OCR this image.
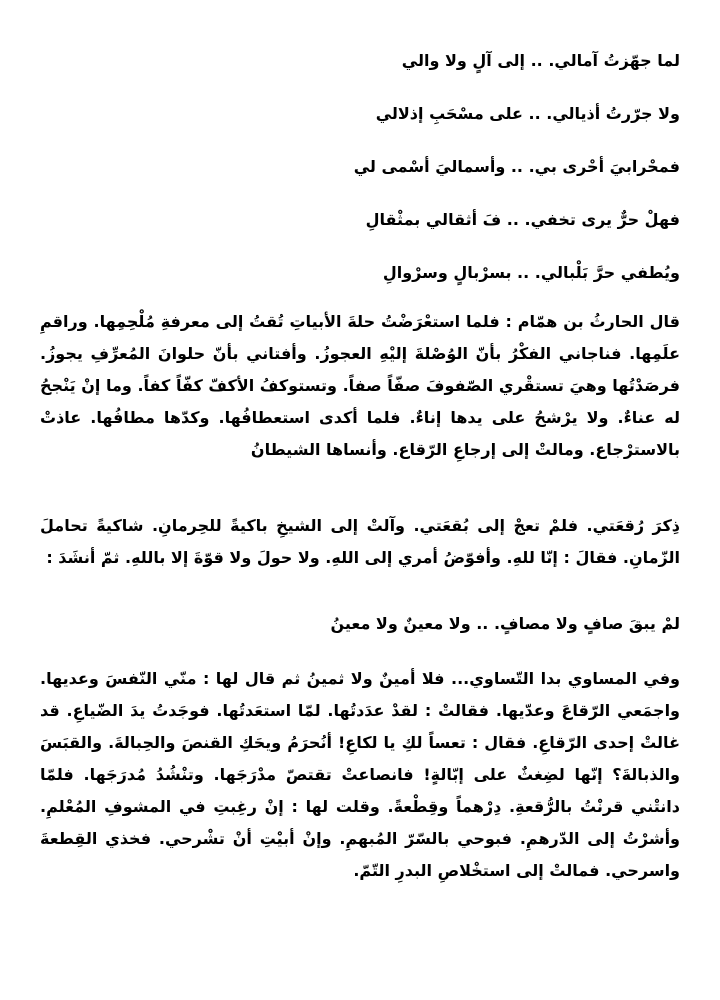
لما جهّزتُ آمالي. .. إلى آلٍ ولا والي

ولا جرّرتُ أذيالي. .. على مسْحَبِ إذلالي

فمحْرابيَ أحْرى بي. .. وأسماليَ أسْمى لي

فهلْ حرٌّ يرى تخفي. .. فَ أثقالي بمثْقالِ

ويُطفي حرَّ بَلْبالي. .. بسرْبالٍ وسرْوالِ

قال الحارثُ بن همّام : فلما استعْرَضْتُ حلةَ الأبياتِ تُقتُ إلى معرفةِ مُلْحِمِها. وراقمِ علَمِها. فناجاني الفكْرُ بأنّ الوُصْلةَ إليْهِ العجوزُ. وأفتاني بأنّ حلوانَ المُعرِّفِ يجوزُ. فرصَدْتُها وهيَ تستقْري الصّفوفَ صفّاً صفاً. وتستوكفُ الأكفّ كفّاً كفاً. وما إنْ يَنْجحُ له عناءٌ. ولا يرْشحُ على يدها إناءٌ. فلما أكدى استعطافُها. وكدّها مطافُها. عاذتْ بالاسترْجاع. ومالتْ إلى إرجاعِ الرّقاع. وأنساها الشيطانُ

ذِكرَ رُقعَتي. فلمْ تعجْ إلى بُقعَتي. وآلتْ إلى الشيخِ باكيةً للحِرمانِ. شاكيةً تحاملَ الزّمانِ. فقالَ : إنّا للهِ. وأفوّضُ أمري إلى اللهِ. ولا حولَ ولا قوّةَ إلا باللهِ. ثمّ أنشَدَ :

لمْ يبقَ صافٍ ولا مصافٍ. .. ولا معينٌ ولا معينُ

وفي المساوي بدا التّساوي... فلا أمينٌ ولا ثمينُ ثم قال لها : منّي النّفسَ وعديها. واجمَعي الرّقاعَ وعدّيها. فقالتْ : لقدْ عدَدتُها. لمّا استعَدتُها. فوجَدتُ يدَ الضّياعِ. قد غالتْ إحدى الرّقاعِ. فقال : تعساً لكِ يا لكاعِ! أنُحرَمُ ويحَكِ القنصَ والحِبالةَ. والقبَسَ والذبالةَ؟ إنّها لضِغثٌ على إبّالةٍ! فانصاعتْ تقتصّ مدْرَجَها. وتنْشُدُ مُدرَجَها. فلمّا دانتْني قرنْتُ بالرُّقعةِ. دِرْهماً وقِطْعةً. وقلت لها : إنْ رغِبتِ في المشوفِ المُعْلمِ. وأشرْتُ إلى الدّرهمِ. فبوحي بالسّرّ المُبهمِ. وإنْ أبيْتِ أنْ تشْرحي. فخذي القِطعةَ واسرحي. فمالتْ إلى استخْلاصِ البدرِ التّمّ.
